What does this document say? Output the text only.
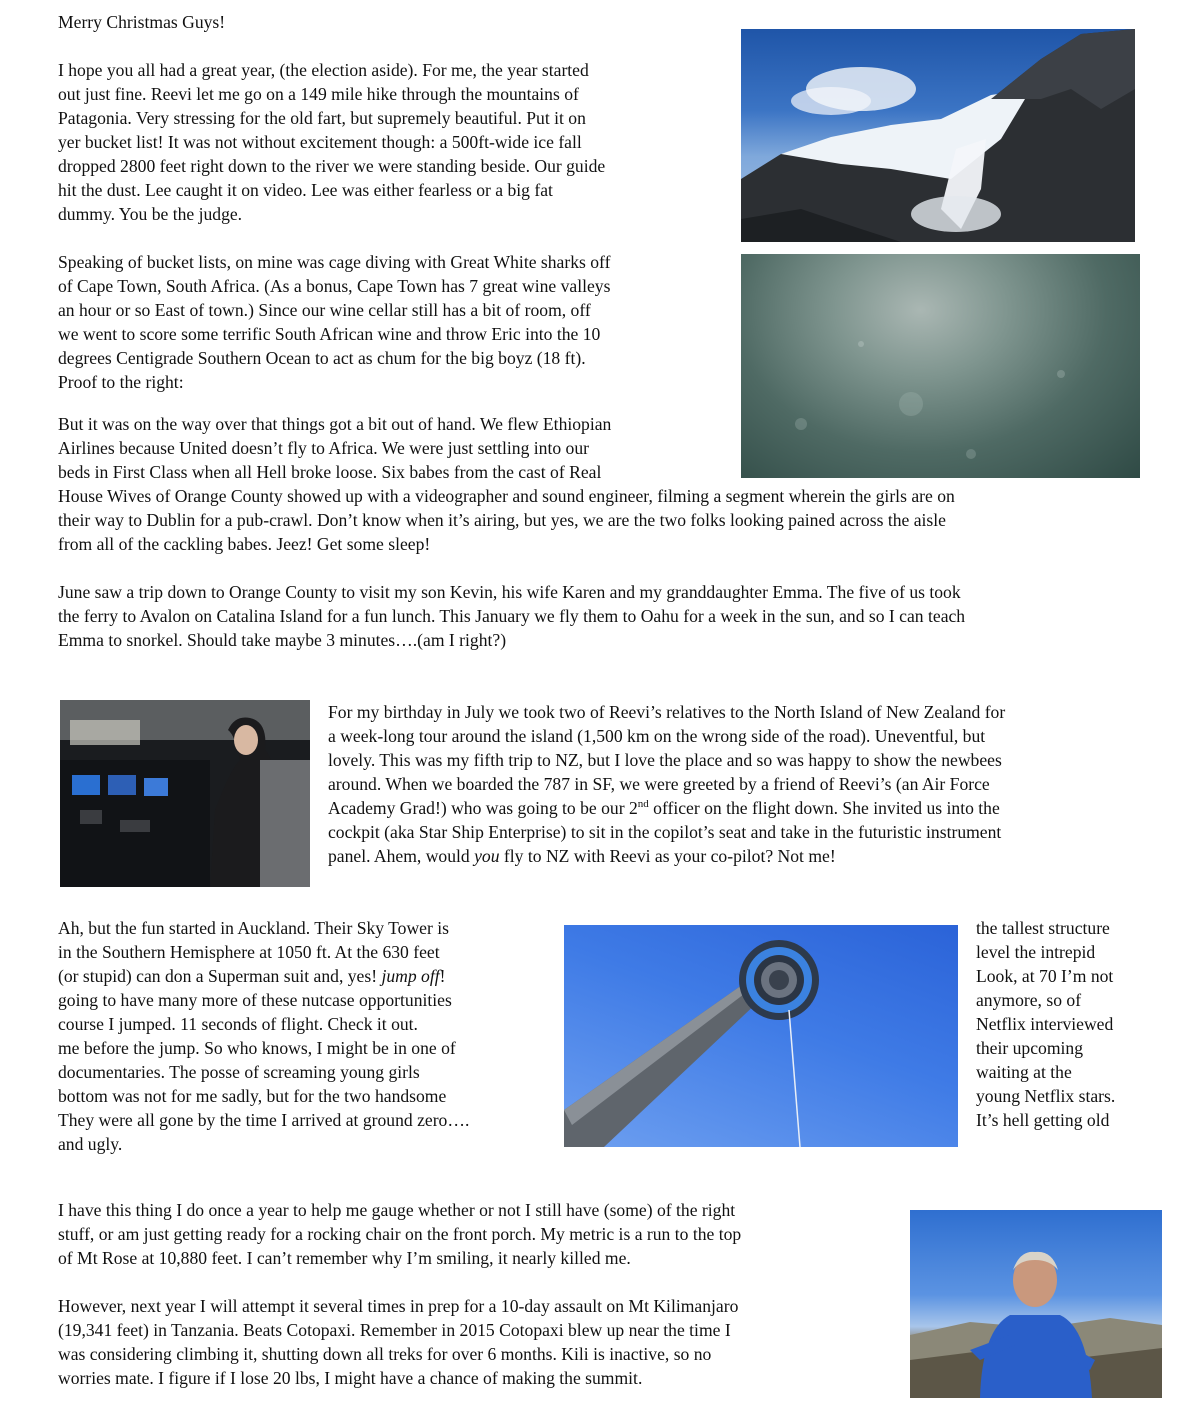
Merry Christmas Guys!

I hope you all had a great year, (the election aside). For me, the year started
out just fine. Reevi let me go on a 149 mile hike through the mountains of
Patagonia. Very stressing for the old fart, but supremely beautiful. Put it on
yer bucket list! It was not without excitement though: a 500ft-wide ice fall
dropped 2800 feet right down to the river we were standing beside. Our guide
hit the dust. Lee caught it on video. Lee was either fearless or a big fat
dummy. You be the judge.

Speaking of bucket lists, on mine was cage diving with Great White sharks off
of Cape Town, South Africa. (As a bonus, Cape Town has 7 great wine valleys
an hour or so East of town.) Since our wine cellar still has a bit of room, off
we went to score some terrific South African wine and throw Eric into the 10
degrees Centigrade Southern Ocean to act as chum for the big boyz (18 ft).
Proof to the right:

But it was on the way over that things got a bit out of hand. We flew Ethiopian
Airlines because United doesn’t fly to Africa. We were just settling into our
beds in First Class when all Hell broke loose. Six babes from the cast of Real
House Wives of Orange County showed up with a videographer and sound engineer, filming a segment wherein the girls are on
their way to Dublin for a pub-crawl. Don’t know when it’s airing, but yes, we are the two folks looking pained across the aisle
from all of the cackling babes. Jeez! Get some sleep!

June saw a trip down to Orange County to visit my son Kevin, his wife Karen and my granddaughter Emma. The five of us took
the ferry to Avalon on Catalina Island for a fun lunch. This January we fly them to Oahu for a week in the sun, and so I can teach
Emma to snorkel. Should take maybe 3 minutes….(am I right?)

For my birthday in July we took two of Reevi’s relatives to the North Island of New Zealand for
a week-long tour around the island (1,500 km on the wrong side of the road). Uneventful, but
lovely. This was my fifth trip to NZ, but I love the place and so was happy to show the newbees
around. When we boarded the 787 in SF, we were greeted by a friend of Reevi’s (an Air Force
Academy Grad!) who was going to be our 2nd officer on the flight down. She invited us into the
cockpit (aka Star Ship Enterprise) to sit in the copilot’s seat and take in the futuristic instrument
panel. Ahem, would you fly to NZ with Reevi as your co-pilot? Not me!

Ah, but the fun started in Auckland. Their Sky Tower is
in the Southern Hemisphere at 1050 ft. At the 630 feet
(or stupid) can don a Superman suit and, yes! jump off!
going to have many more of these nutcase opportunities
course I jumped. 11 seconds of flight. Check it out.
me before the jump. So who knows, I might be in one of
documentaries. The posse of screaming young girls
bottom was not for me sadly, but for the two handsome
They were all gone by the time I arrived at ground zero….
and ugly.

the tallest structure
level the intrepid
Look, at 70 I’m not
anymore, so of
Netflix interviewed
their upcoming
waiting at the
young Netflix stars.
It’s hell getting old

I have this thing I do once a year to help me gauge whether or not I still have (some) of the right
stuff, or am just getting ready for a rocking chair on the front porch. My metric is a run to the top
of Mt Rose at 10,880 feet. I can’t remember why I’m smiling, it nearly killed me.

However, next year I will attempt it several times in prep for a 10-day assault on Mt Kilimanjaro
(19,341 feet) in Tanzania. Beats Cotopaxi. Remember in 2015 Cotopaxi blew up near the time I
was considering climbing it, shutting down all treks for over 6 months. Kili is inactive, so no
worries mate. I figure if I lose 20 lbs, I might have a chance of making the summit.
